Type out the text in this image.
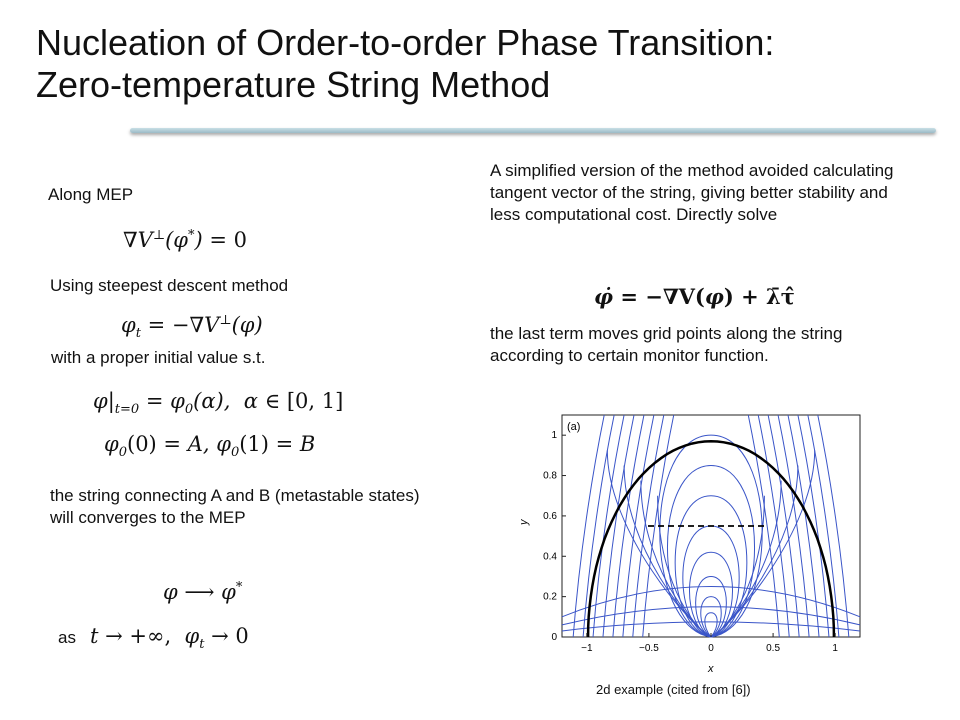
Nucleation of Order-to-order Phase Transition:
Zero-temperature String Method
Along MEP
∇V⊥(φ*) = 0
Using steepest descent method
$\varphi_t = -\nabla V^\perp(\varphi)$
with a proper initial value s.t.
$\varphi|_{t=0} = \varphi_0(\alpha)$,  α ∈ [0, 1]
$\varphi_0(0) = A$, $\varphi_0(1) = B$
the string connecting A and B (metastable states) will converges to the MEP
φ ⟶ φ*
as t → +∞,  $\varphi_t \to 0$
A simplified version of the method avoided calculating tangent vector of the string, giving better stability and less computational cost. Directly solve
φ̇ = −∇V(φ) + λ̄τ̂
the last term moves grid points along the string according to certain monitor function.
(a)
−1	−0.5	0	0.5	1
0
0.2
0.4
0.6
0.8
1
x
y
2d example (cited from [6])
